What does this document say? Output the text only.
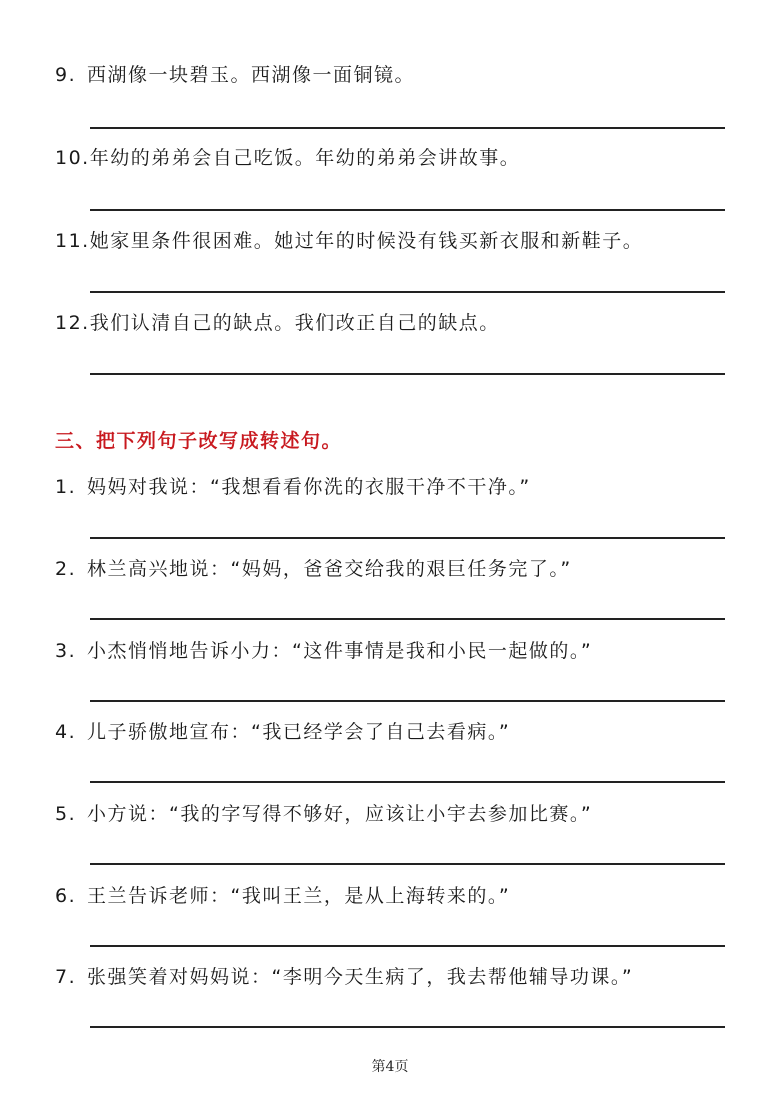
9. 西湖像一块碧玉。西湖像一面铜镜。
10.年幼的弟弟会自己吃饭。年幼的弟弟会讲故事。
11.她家里条件很困难。她过年的时候没有钱买新衣服和新鞋子。
12.我们认清自己的缺点。我们改正自己的缺点。
三、把下列句子改写成转述句。
1. 妈妈对我说：“我想看看你洗的衣服干净不干净。”
2. 林兰高兴地说：“妈妈，爸爸交给我的艰巨任务完了。”
3. 小杰悄悄地告诉小力：“这件事情是我和小民一起做的。”
4. 儿子骄傲地宣布：“我已经学会了自己去看病。”
5. 小方说：“我的字写得不够好，应该让小宇去参加比赛。”
6. 王兰告诉老师：“我叫王兰，是从上海转来的。”
7. 张强笑着对妈妈说：“李明今天生病了，我去帮他辅导功课。”
第4页
